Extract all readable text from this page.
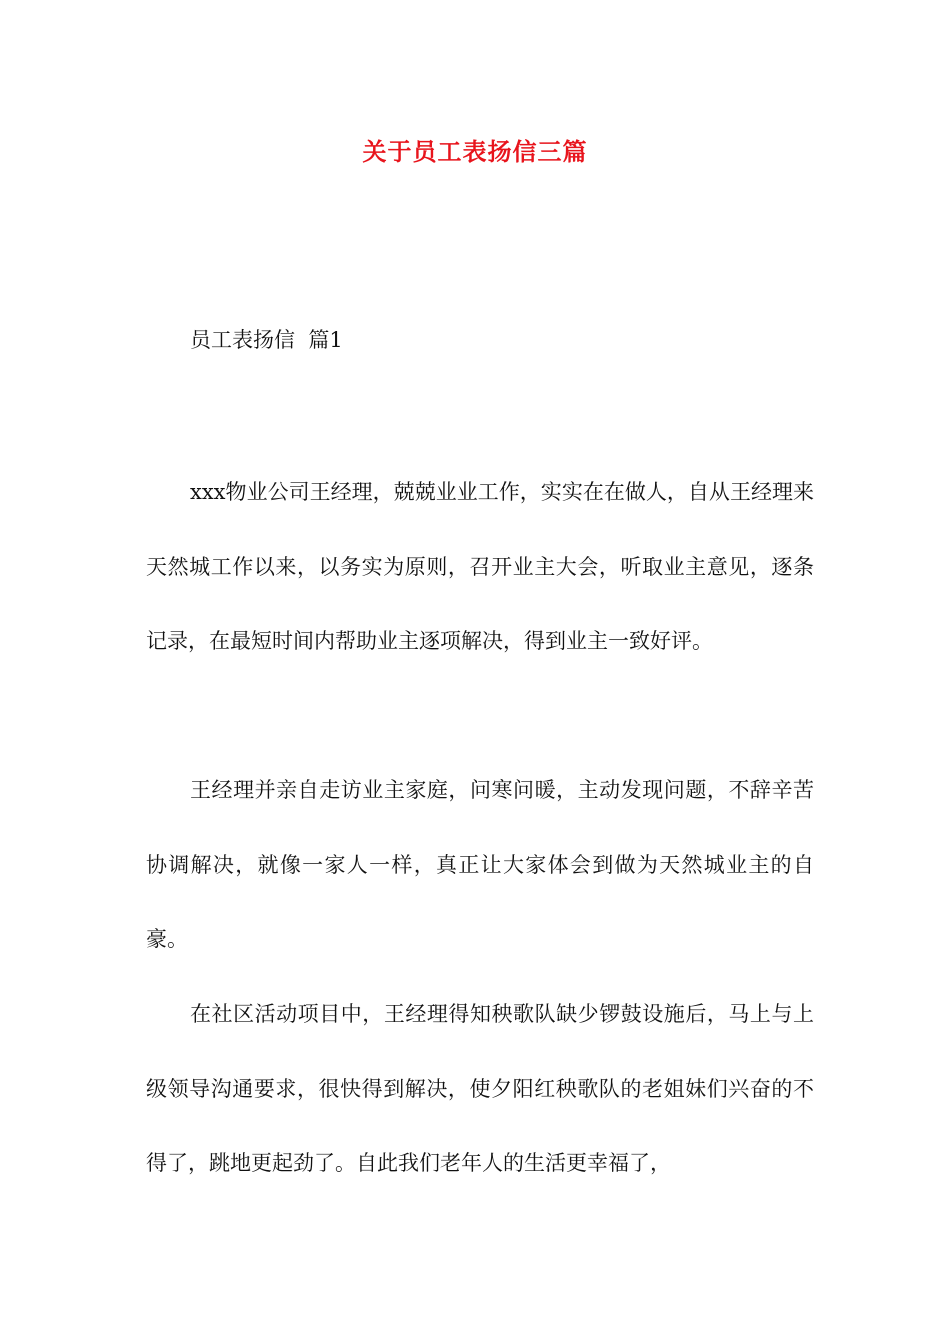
关于员工表扬信三篇
员工表扬信  篇1

xxx物业公司王经理，兢兢业业工作，实实在在做人，自从王经理来天然城工作以来，以务实为原则，召开业主大会，听取业主意见，逐条记录，在最短时间内帮助业主逐项解决，得到业主一致好评。

王经理并亲自走访业主家庭，问寒问暖，主动发现问题，不辞辛苦协调解决，就像一家人一样，真正让大家体会到做为天然城业主的自豪。

在社区活动项目中，王经理得知秧歌队缺少锣鼓设施后，马上与上级领导沟通要求，很快得到解决，使夕阳红秧歌队的老姐妹们兴奋的不得了，跳地更起劲了。自此我们老年人的生活更幸福了，
